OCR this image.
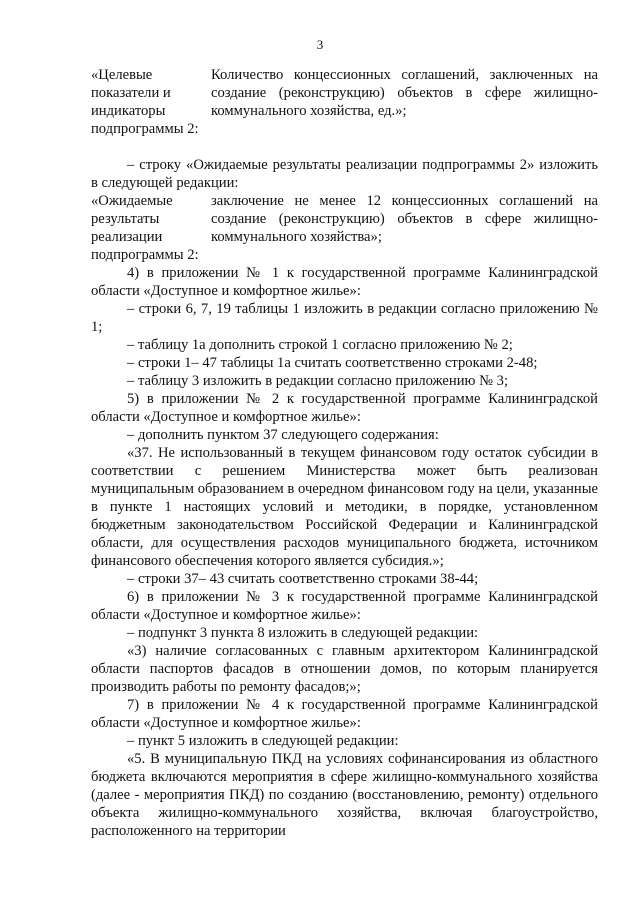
3
«Целевые показатели и индикаторы подпрограммы 2:
Количество концессионных соглашений, заключенных на создание (реконструкцию) объектов в сфере жилищно-коммунального хозяйства, ед.»;

– строку «Ожидаемые результаты реализации подпрограммы 2» изложить в следующей редакции:

«Ожидаемые результаты реализации подпрограммы 2:
заключение не менее 12 концессионных соглашений на создание (реконструкцию) объектов в сфере жилищно-коммунального хозяйства»;

4) в приложении № 1 к государственной программе Калининградской области «Доступное и комфортное жилье»:

– строки 6, 7, 19 таблицы 1 изложить в редакции согласно приложению № 1;

– таблицу 1а дополнить строкой 1 согласно приложению № 2;

– строки 1– 47 таблицы 1а считать соответственно строками 2-48;

– таблицу 3 изложить в редакции согласно приложению № 3;

5) в приложении № 2 к государственной программе Калининградской области «Доступное и комфортное жилье»:

– дополнить пунктом 37 следующего содержания:

«37. Не использованный в текущем финансовом году остаток субсидии в соответствии с решением Министерства может быть реализован муниципальным образованием в очередном финансовом году на цели, указанные в пункте 1 настоящих условий и методики, в порядке, установленном бюджетным законодательством Российской Федерации и Калининградской области, для осуществления расходов муниципального бюджета, источником финансового обеспечения которого является субсидия.»;

– строки 37– 43 считать соответственно строками 38-44;

6) в приложении № 3 к государственной программе Калининградской области «Доступное и комфортное жилье»:

– подпункт 3 пункта 8 изложить в следующей редакции:

«3) наличие согласованных с главным архитектором Калининградской области паспортов фасадов в отношении домов, по которым планируется производить работы по ремонту фасадов;»;

7) в приложении № 4 к государственной программе Калининградской области «Доступное и комфортное жилье»:

– пункт 5 изложить в следующей редакции:

«5. В муниципальную ПКД на условиях софинансирования из областного бюджета включаются мероприятия в сфере жилищно-коммунального хозяйства (далее - мероприятия ПКД) по созданию (восстановлению, ремонту) отдельного объекта жилищно-коммунального хозяйства, включая благоустройство, расположенного на территории
